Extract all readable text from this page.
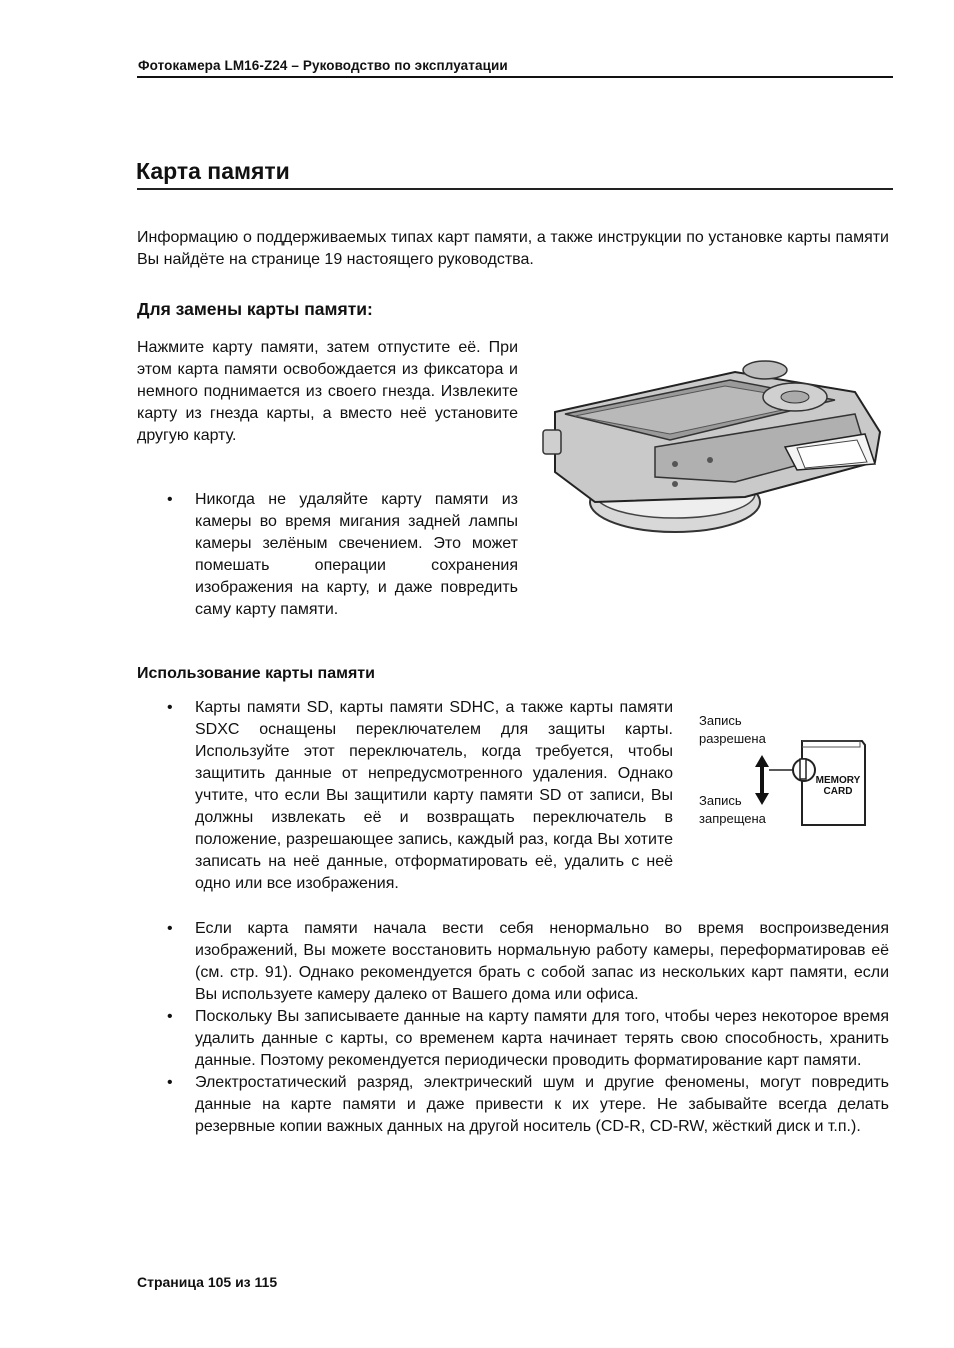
Фотокамера LM16-Z24 – Руководство по эксплуатации
Карта памяти
Информацию о поддерживаемых типах карт памяти, а также инструкции по установке карты памяти Вы найдёте на странице 19 настоящего руководства.
Для замены карты памяти:
Нажмите карту памяти, затем отпустите её. При этом карта памяти освобождается из фиксатора и немного поднимается из своего гнезда. Извлеките карту из гнезда карты, а вместо неё установите другую карту.
• Никогда не удаляйте карту памяти из камеры во время мигания задней лампы камеры зелёным свечением. Это может помешать операции сохранения изображения на карту, и даже повредить саму карту памяти.
Использование карты памяти
• Карты памяти SD, карты памяти SDHC, а также карты памяти SDXC оснащены переключателем для защиты карты. Используйте этот переключатель, когда требуется, чтобы защитить данные от непредусмотренного удаления. Однако учтите, что если Вы защитили карту памяти SD от записи, Вы должны извлекать её и возвращать переключатель в положение, разрешающее запись, каждый раз, когда Вы хотите записать на неё данные, отформатировать её, удалить с неё одно или все изображения.
Запись
разрешена
Запись
запрещена
MEMORY
CARD
• Если карта памяти начала вести себя ненормально во время воспроизведения изображений, Вы можете восстановить нормальную работу камеры, переформатировав её (см. стр. 91). Однако рекомендуется брать с собой запас из нескольких карт памяти, если Вы используете камеру далеко от Вашего дома или офиса.
• Поскольку Вы записываете данные на карту памяти для того, чтобы через некоторое время удалить данные с карты, со временем карта начинает терять свою способность, хранить данные. Поэтому рекомендуется периодически проводить форматирование карт памяти.
• Электростатический разряд, электрический шум и другие феномены, могут повредить данные на карте памяти и даже привести к их утере. Не забывайте всегда делать резервные копии важных данных на другой носитель (CD-R, CD-RW, жёсткий диск и т.п.).
Страница 105 из 115
